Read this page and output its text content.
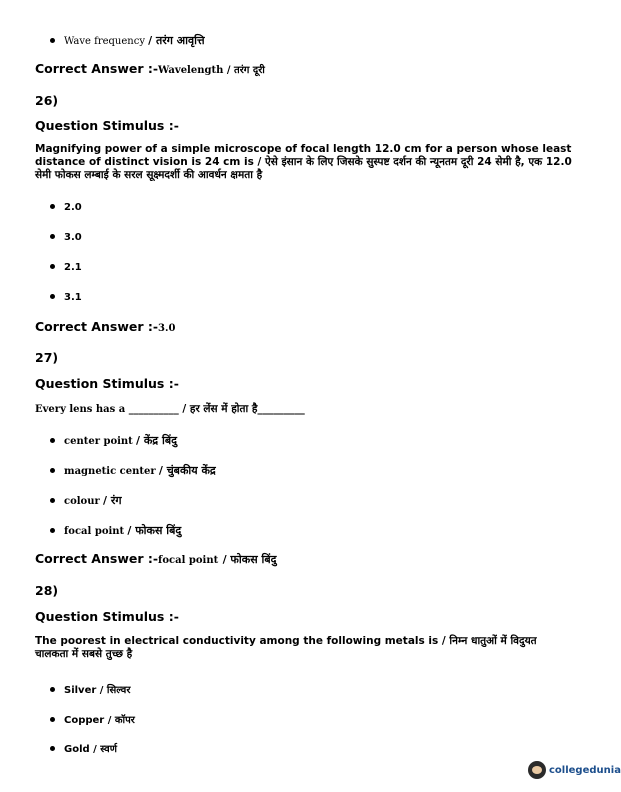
Wave frequency / तरंग आवृत्ति
Correct Answer :-Wavelength / तरंग दूरी
26)
Question Stimulus :-
Magnifying power of a simple microscope of focal length 12.0 cm for a person whose least distance of distinct vision is 24 cm is / ऐसे इंसान के लिए जिसके सुस्पष्ट दर्शन की न्यूनतम दूरी 24 सेमी है, एक 12.0 सेमी फोकस लम्बाई के सरल सूक्ष्मदर्शी की आवर्धन क्षमता है
2.0
3.0
2.1
3.1
Correct Answer :-3.0
27)
Question Stimulus :-
Every lens has a __________ / हर लेंस में होता है_________
center point / केंद्र बिंदु
magnetic center / चुंबकीय केंद्र
colour / रंग
focal point / फोकस बिंदु
Correct Answer :-focal point / फोकस बिंदु
28)
Question Stimulus :-
The poorest in electrical conductivity among the following metals is / निम्न धातुओं में विदुयत चालकता में सबसे तुच्छ है
Silver / सिल्वर
Copper / कॉपर
Gold / स्वर्ण
collegedunia
